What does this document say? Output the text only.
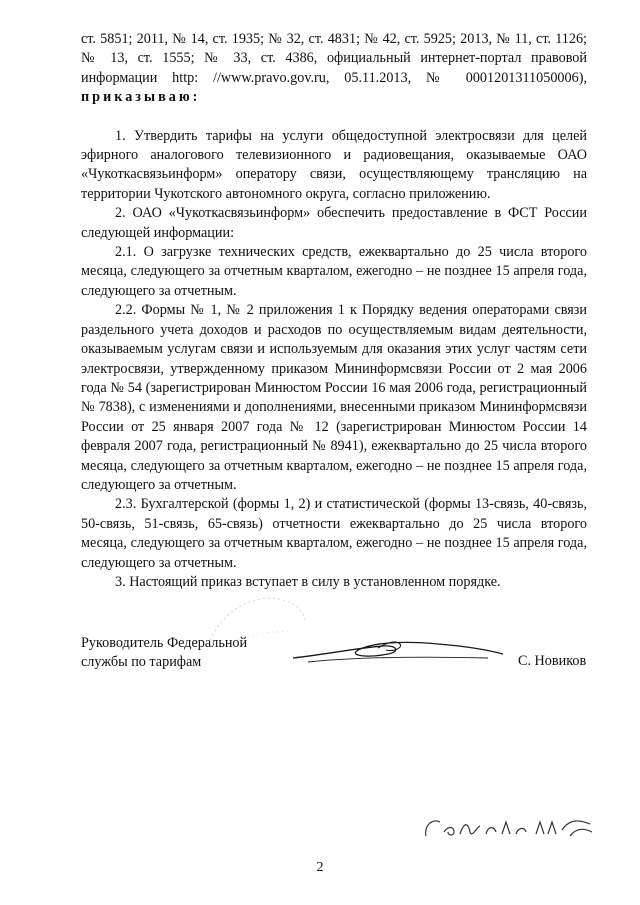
ст. 5851; 2011, № 14, ст. 1935; № 32, ст. 4831; № 42, ст. 5925; 2013, № 11, ст. 1126; № 13, ст. 1555; № 33, ст. 4386, официальный интернет-портал правовой информации http: //www.pravo.gov.ru, 05.11.2013, № 0001201311050006), приказываю:

1. Утвердить тарифы на услуги общедоступной электросвязи для целей эфирного аналогового телевизионного и радиовещания, оказываемые ОАО «Чукоткасвязьинформ» оператору связи, осуществляющему трансляцию на территории Чукотского автономного округа, согласно приложению.

2. ОАО «Чукоткасвязьинформ» обеспечить предоставление в ФСТ России следующей информации:

2.1. О загрузке технических средств, ежеквартально до 25 числа второго месяца, следующего за отчетным кварталом, ежегодно – не позднее 15 апреля года, следующего за отчетным.

2.2. Формы № 1, № 2 приложения 1 к Порядку ведения операторами связи раздельного учета доходов и расходов по осуществляемым видам деятельности, оказываемым услугам связи и используемым для оказания этих услуг частям сети электросвязи, утвержденному приказом Мининформсвязи России от 2 мая 2006 года № 54 (зарегистрирован Минюстом России 16 мая 2006 года, регистрационный № 7838), с изменениями и дополнениями, внесенными приказом Мининформсвязи России от 25 января 2007 года № 12 (зарегистрирован Минюстом России 14 февраля 2007 года, регистрационный № 8941), ежеквартально до 25 числа второго месяца, следующего за отчетным кварталом, ежегодно – не позднее 15 апреля года, следующего за отчетным.

2.3. Бухгалтерской (формы 1, 2) и статистической (формы 13-связь, 40-связь, 50-связь, 51-связь, 65-связь) отчетности ежеквартально до 25 числа второго месяца, следующего за отчетным кварталом, ежегодно – не позднее 15 апреля года, следующего за отчетным.

3. Настоящий приказ вступает в силу в установленном порядке.

Руководитель Федеральной
службы по тарифам	С. Новиков
2
